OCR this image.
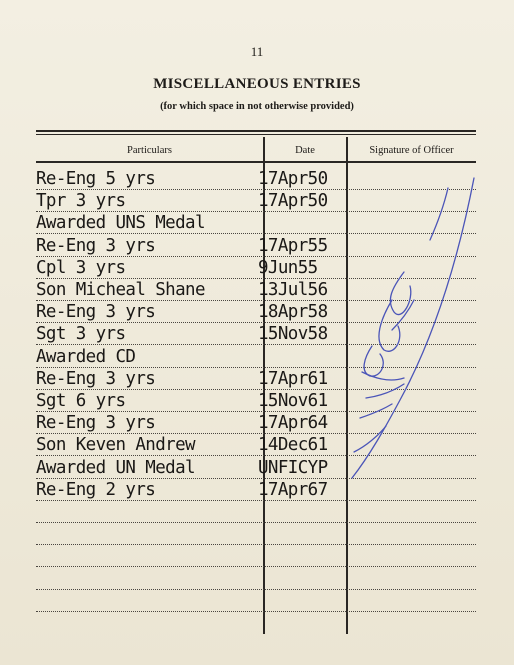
11
MISCELLANEOUS ENTRIES
(for which space in not otherwise provided)
Particulars	Date	Signature of Officer
Re-Eng 5 yrs	17Apr50
Tpr 3 yrs	17Apr50
Awarded UNS Medal
Re-Eng 3 yrs	17Apr55
Cpl 3 yrs	9Jun55
Son Micheal Shane	13Jul56
Re-Eng 3 yrs	18Apr58
Sgt 3 yrs	15Nov58
Awarded CD
Re-Eng 3 yrs	17Apr61
Sgt 6 yrs	15Nov61
Re-Eng 3 yrs	17Apr64
Son Keven Andrew	14Dec61
Awarded UN Medal	UNFICYP
Re-Eng 2 yrs	17Apr67
